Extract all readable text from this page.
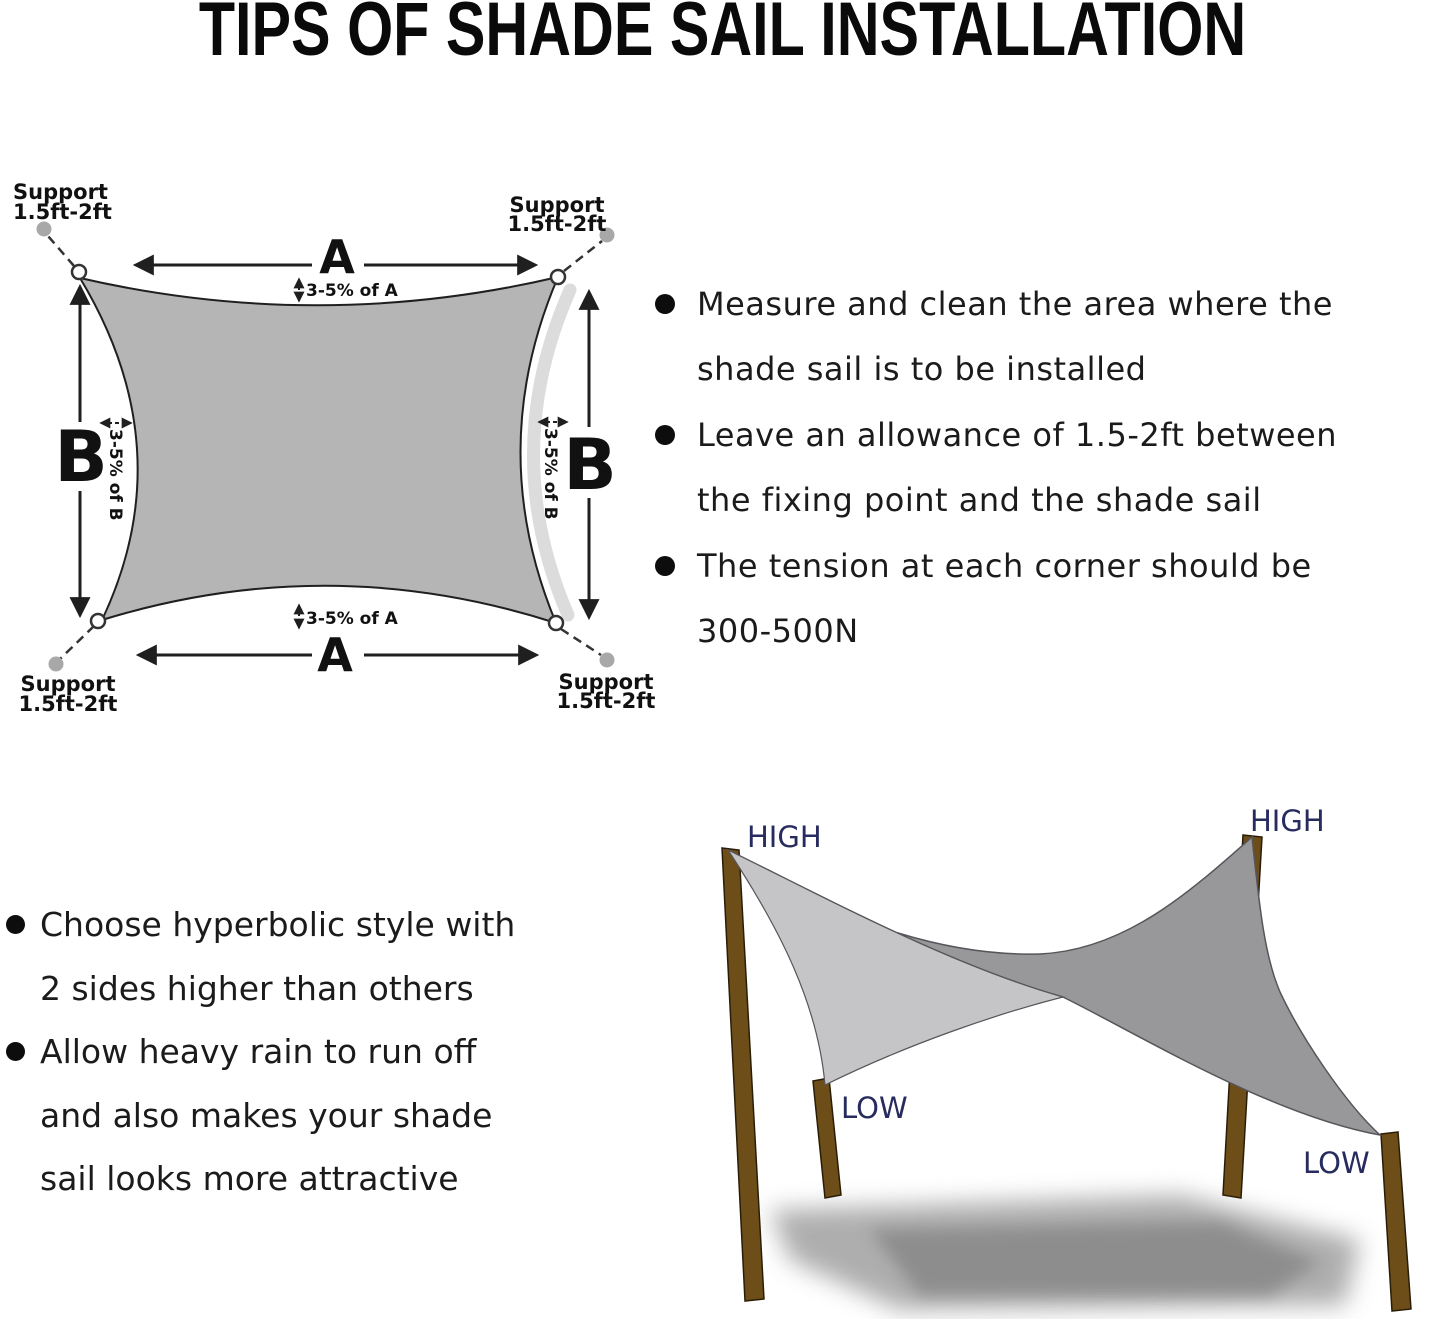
TIPS OF SHADE SAIL INSTALLATION
Support
1.5ft-2ft	Support
1.5ft-2ft
Support
1.5ft-2ft
Support
1.5ft-2ft
A
3-5% of A
A
3-5% of A
B
3-5% of B	B
3-5% of B
Measure and clean the area where the
shade sail is to be installed
Leave an allowance of 1.5-2ft between
the fixing point and the shade sail
The tension at each corner should be
300-500N
Choose hyperbolic style with
2 sides higher than others
Allow heavy rain to run off
and also makes your shade
sail looks more attractive
HIGH	HIGH
LOW
LOW
